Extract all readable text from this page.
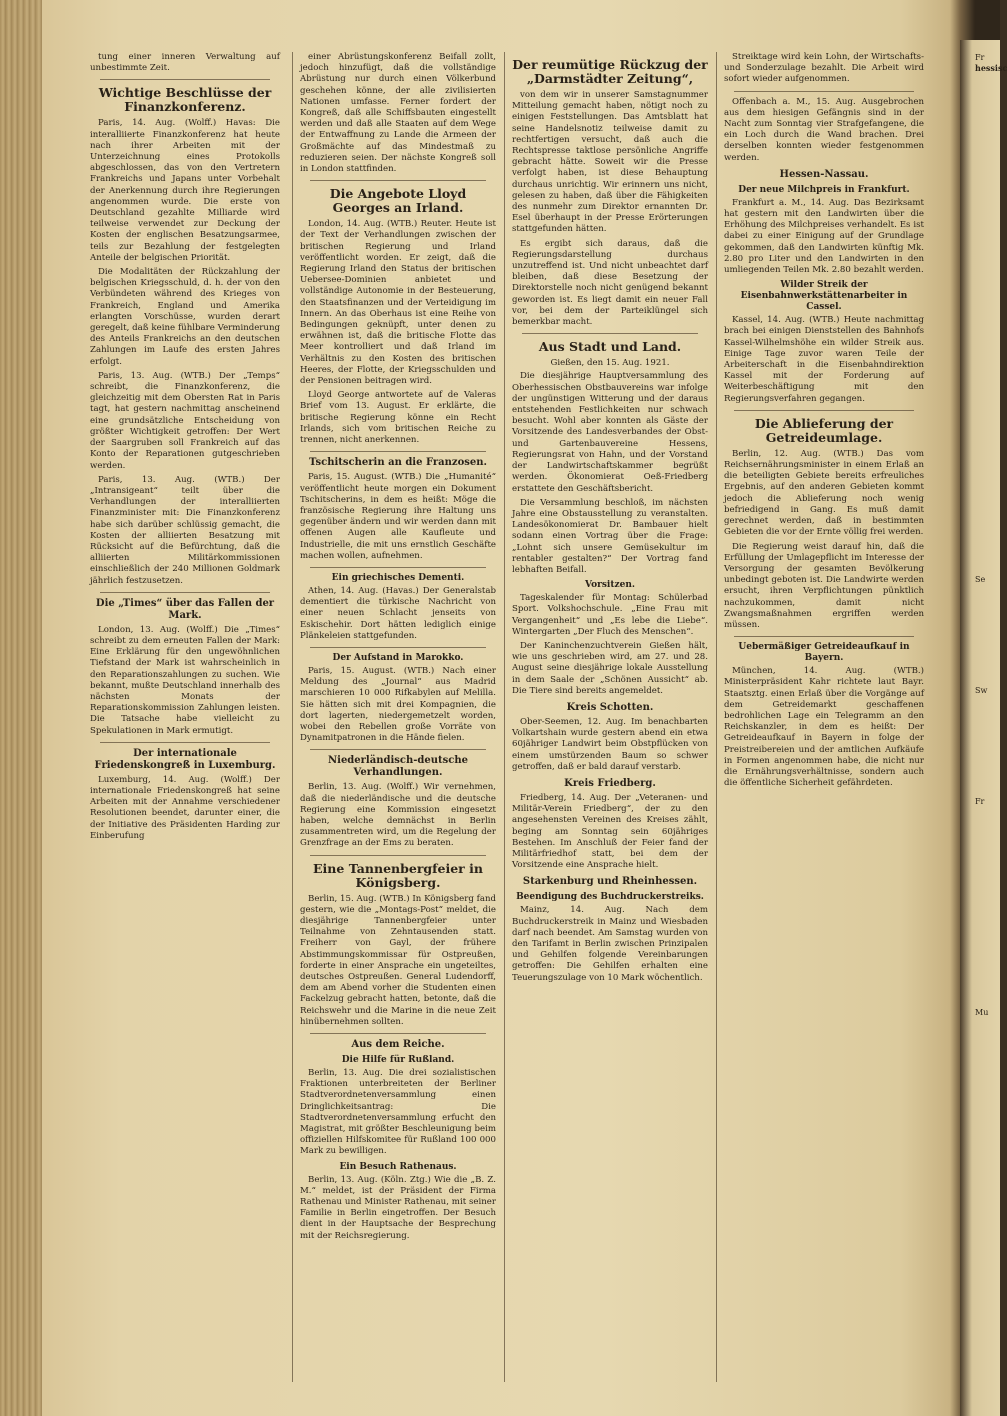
tung einer inneren Verwaltung auf unbestimmte Zeit.

Wichtige Beschlüsse der Finanzkonferenz.

Paris, 14. Aug. (Wolff.) Havas: Die interalliierte Finanzkonferenz hat heute nach ihrer Arbeiten mit der Unterzeichnung eines Protokolls abgeschlossen, das von den Vertretern Frankreichs und Japans unter Vorbehalt der Anerkennung durch ihre Regierungen angenommen wurde. Die erste von Deutschland gezahlte Milliarde wird teilweise verwendet zur Deckung der Kosten der englischen Besatzungsarmee, teils zur Bezahlung der festgelegten Anteile der belgischen Priorität.

Die Modalitäten der Rückzahlung der belgischen Kriegsschuld, d. h. der von den Verbündeten während des Krieges von Frankreich, England und Amerika erlangten Vorschüsse, wurden derart geregelt, daß keine fühlbare Verminderung des Anteils Frankreichs an den deutschen Zahlungen im Laufe des ersten Jahres erfolgt.

Paris, 13. Aug. (WTB.) Der „Temps“ schreibt, die Finanzkonferenz, die gleichzeitig mit dem Obersten Rat in Paris tagt, hat gestern nachmittag anscheinend eine grundsätzliche Entscheidung von größter Wichtigkeit getroffen: Der Wert der Saargruben soll Frankreich auf das Konto der Reparationen gutgeschrieben werden.

Paris, 13. Aug. (WTB.) Der „Intransigeant“ teilt über die Verhandlungen der interalliierten Finanzminister mit: Die Finanzkonferenz habe sich darüber schlüssig gemacht, die Kosten der alliierten Besatzung mit Rücksicht auf die Befürchtung, daß die alliierten Militärkommissionen einschließlich der 240 Millionen Goldmark jährlich festzusetzen.

Die „Times“ über das Fallen der Mark.

London, 13. Aug. (Wolff.) Die „Times“ schreibt zu dem erneuten Fallen der Mark: Eine Erklärung für den ungewöhnlichen Tiefstand der Mark ist wahrscheinlich in den Reparationszahlungen zu suchen. Wie bekannt, mußte Deutschland innerhalb des nächsten Monats der Reparationskommission Zahlungen leisten. Die Tatsache habe vielleicht zu Spekulationen in Mark ermutigt.

Der internationale Friedenskongreß in Luxemburg.

Luxemburg, 14. Aug. (Wolff.) Der internationale Friedenskongreß hat seine Arbeiten mit der Annahme verschiedener Resolutionen beendet, darunter einer, die der Initiative des Präsidenten Harding zur Einberufung

einer Abrüstungskonferenz Beifall zollt, jedoch hinzufügt, daß die vollständige Abrüstung nur durch einen Völkerbund geschehen könne, der alle zivilisierten Nationen umfasse. Ferner fordert der Kongreß, daß alle Schiffsbauten eingestellt werden und daß alle Staaten auf dem Wege der Entwaffnung zu Lande die Armeen der Großmächte auf das Mindestmaß zu reduzieren seien. Der nächste Kongreß soll in London stattfinden.

Die Angebote Lloyd Georges an Irland.

London, 14. Aug. (WTB.) Reuter. Heute ist der Text der Verhandlungen zwischen der britischen Regierung und Irland veröffentlicht worden. Er zeigt, daß die Regierung Irland den Status der britischen Uebersee-Dominien anbietet und vollständige Autonomie in der Besteuerung, den Staatsfinanzen und der Verteidigung im Innern. An das Oberhaus ist eine Reihe von Bedingungen geknüpft, unter denen zu erwähnen ist, daß die britische Flotte das Meer kontrolliert und daß Irland im Verhältnis zu den Kosten des britischen Heeres, der Flotte, der Kriegsschulden und der Pensionen beitragen wird.

Lloyd George antwortete auf de Valeras Brief vom 13. August. Er erklärte, die britische Regierung könne ein Recht Irlands, sich vom britischen Reiche zu trennen, nicht anerkennen.

Tschitscherin an die Franzosen.

Paris, 15. August. (WTB.) Die „Humanité“ veröffentlicht heute morgen ein Dokument Tschitscherins, in dem es heißt: Möge die französische Regierung ihre Haltung uns gegenüber ändern und wir werden dann mit offenen Augen alle Kaufleute und Industrielle, die mit uns ernstlich Geschäfte machen wollen, aufnehmen.

Ein griechisches Dementi.

Athen, 14. Aug. (Havas.) Der Generalstab dementiert die türkische Nachricht von einer neuen Schlacht jenseits von Eskischehir. Dort hätten lediglich einige Plänkeleien stattgefunden.

Der Aufstand in Marokko.

Paris, 15. August. (WTB.) Nach einer Meldung des „Journal“ aus Madrid marschieren 10 000 Rifkabylen auf Melilla. Sie hätten sich mit drei Kompagnien, die dort lagerten, niedergemetzelt worden, wobei den Rebellen große Vorräte von Dynamitpatronen in die Hände fielen.

Niederländisch-deutsche Verhandlungen.

Berlin, 13. Aug. (Wolff.) Wir vernehmen, daß die niederländische und die deutsche Regierung eine Kommission eingesetzt haben, welche demnächst in Berlin zusammentreten wird, um die Regelung der Grenzfrage an der Ems zu beraten.

Eine Tannenbergfeier in Königsberg.

Berlin, 15. Aug. (WTB.) In Königsberg fand gestern, wie die „Montags-Post“ meldet, die diesjährige Tannenbergfeier unter Teilnahme von Zehntausenden statt. Freiherr von Gayl, der frühere Abstimmungskommissar für Ostpreußen, forderte in einer Ansprache ein ungeteiltes, deutsches Ostpreußen. General Ludendorff, dem am Abend vorher die Studenten einen Fackelzug gebracht hatten, betonte, daß die Reichswehr und die Marine in die neue Zeit hinübernehmen sollten.

Aus dem Reiche.
Die Hilfe für Rußland.

Berlin, 13. Aug. Die drei sozialistischen Fraktionen unterbreiteten der Berliner Stadtverordnetenversammlung einen Dringlichkeitsantrag: Die Stadtverordnetenversammlung erfucht den Magistrat, mit größter Beschleunigung beim offiziellen Hilfskomitee für Rußland 100 000 Mark zu bewilligen.

Ein Besuch Rathenaus.

Berlin, 13. Aug. (Köln. Ztg.) Wie die „B. Z. M.“ meldet, ist der Präsident der Firma Rathenau und Minister Rathenau, mit seiner Familie in Berlin eingetroffen. Der Besuch dient in der Hauptsache der Besprechung mit der Reichsregierung.

Der reumütige Rückzug der „Darmstädter Zeitung“,

von dem wir in unserer Samstagnummer Mitteilung gemacht haben, nötigt noch zu einigen Feststellungen. Das Amtsblatt hat seine Handelsnotiz teilweise damit zu rechtfertigen versucht, daß auch die Rechtspresse taktlose persönliche Angriffe gebracht hätte. Soweit wir die Presse verfolgt haben, ist diese Behauptung durchaus unrichtig. Wir erinnern uns nicht, gelesen zu haben, daß über die Fähigkeiten des nunmehr zum Direktor ernannten Dr. Esel überhaupt in der Presse Erörterungen stattgefunden hätten.

Es ergibt sich daraus, daß die Regierungsdarstellung durchaus unzutreffend ist. Und nicht unbeachtet darf bleiben, daß diese Besetzung der Direktorstelle noch nicht genügend bekannt geworden ist. Es liegt damit ein neuer Fall vor, bei dem der Parteiklüngel sich bemerkbar macht.

Aus Stadt und Land.
Gießen, den 15. Aug. 1921.

Die diesjährige Hauptversammlung des Oberhessischen Obstbauvereins war infolge der ungünstigen Witterung und der daraus entstehenden Festlichkeiten nur schwach besucht. Wohl aber konnten als Gäste der Vorsitzende des Landesverbandes der Obst- und Gartenbauvereine Hessens, Regierungsrat von Hahn, und der Vorstand der Landwirtschaftskammer begrüßt werden. Ökonomierat Oeß-Friedberg erstattete den Geschäftsbericht.

Die Versammlung beschloß, im nächsten Jahre eine Obstausstellung zu veranstalten. Landesökonomierat Dr. Bambauer hielt sodann einen Vortrag über die Frage: „Lohnt sich unsere Gemüsekultur im rentabler gestalten?“ Der Vortrag fand lebhaften Beifall.

Vorsitzen.

Tageskalender für Montag: Schülerbad Sport. Volkshochschule. „Eine Frau mit Vergangenheit“ und „Es lebe die Liebe“. Wintergarten „Der Fluch des Menschen“.

Der Kaninchenzuchtverein Gießen hält, wie uns geschrieben wird, am 27. und 28. August seine diesjährige lokale Ausstellung in dem Saale der „Schönen Aussicht“ ab. Die Tiere sind bereits angemeldet.

Kreis Schotten.

Ober-Seemen, 12. Aug. Im benachbarten Volkartshain wurde gestern abend ein etwa 60jähriger Landwirt beim Obstpflücken von einem umstürzenden Baum so schwer getroffen, daß er bald darauf verstarb.

Kreis Friedberg.

Friedberg, 14. Aug. Der „Veteranen- und Militär-Verein Friedberg“, der zu den angesehensten Vereinen des Kreises zählt, beging am Sonntag sein 60jähriges Bestehen. Im Anschluß der Feier fand der Militärfriedhof statt, bei dem der Vorsitzende eine Ansprache hielt.

Starkenburg und Rheinhessen.
Beendigung des Buchdruckerstreiks.

Mainz, 14. Aug. Nach dem Buchdruckerstreik in Mainz und Wiesbaden darf nach beendet. Am Samstag wurden von den Tarifamt in Berlin zwischen Prinzipalen und Gehilfen folgende Vereinbarungen getroffen: Die Gehilfen erhalten eine Teuerungszulage von 10 Mark wöchentlich.

Streiktage wird kein Lohn, der Wirtschafts- und Sonderzulage bezahlt. Die Arbeit wird sofort wieder aufgenommen.

Offenbach a. M., 15. Aug. Ausgebrochen aus dem hiesigen Gefängnis sind in der Nacht zum Sonntag vier Strafgefangene, die ein Loch durch die Wand brachen. Drei derselben konnten wieder festgenommen werden.

Hessen-Nassau.
Der neue Milchpreis in Frankfurt.

Frankfurt a. M., 14. Aug. Das Bezirksamt hat gestern mit den Landwirten über die Erhöhung des Milchpreises verhandelt. Es ist dabei zu einer Einigung auf der Grundlage gekommen, daß den Landwirten künftig Mk. 2.80 pro Liter und den Landwirten in den umliegenden Teilen Mk. 2.80 bezahlt werden.

Wilder Streik der Eisenbahnwerkstättenarbeiter in Cassel.

Kassel, 14. Aug. (WTB.) Heute nachmittag brach bei einigen Dienststellen des Bahnhofs Kassel-Wilhelmshöhe ein wilder Streik aus. Einige Tage zuvor waren Teile der Arbeiterschaft in die Eisenbahndirektion Kassel mit der Forderung auf Weiterbeschäftigung mit den Regierungsverfahren gegangen.

Die Ablieferung der Getreideumlage.

Berlin, 12. Aug. (WTB.) Das vom Reichsernährungsminister in einem Erlaß an die beteiligten Gebiete bereits erfreuliches Ergebnis, auf den anderen Gebieten kommt jedoch die Ablieferung noch wenig befriedigend in Gang. Es muß damit gerechnet werden, daß in bestimmten Gebieten die vor der Ernte völlig frei werden.

Die Regierung weist darauf hin, daß die Erfüllung der Umlagepflicht im Interesse der Versorgung der gesamten Bevölkerung unbedingt geboten ist. Die Landwirte werden ersucht, ihren Verpflichtungen pünktlich nachzukommen, damit nicht Zwangsmaßnahmen ergriffen werden müssen.

Uebermäßiger Getreideaufkauf in Bayern.

München, 14. Aug. (WTB.) Ministerpräsident Kahr richtete laut Bayr. Staatsztg. einen Erlaß über die Vorgänge auf dem Getreidemarkt geschaffenen bedrohlichen Lage ein Telegramm an den Reichskanzler, in dem es heißt: Der Getreideaufkauf in Bayern in folge der Preistreibereien und der amtlichen Aufkäufe in Formen angenommen habe, die nicht nur die Ernährungsverhältnisse, sondern auch die öffentliche Sicherheit gefährdeten.

Fr
hessisc
Se
Sw
Fr
Mu
